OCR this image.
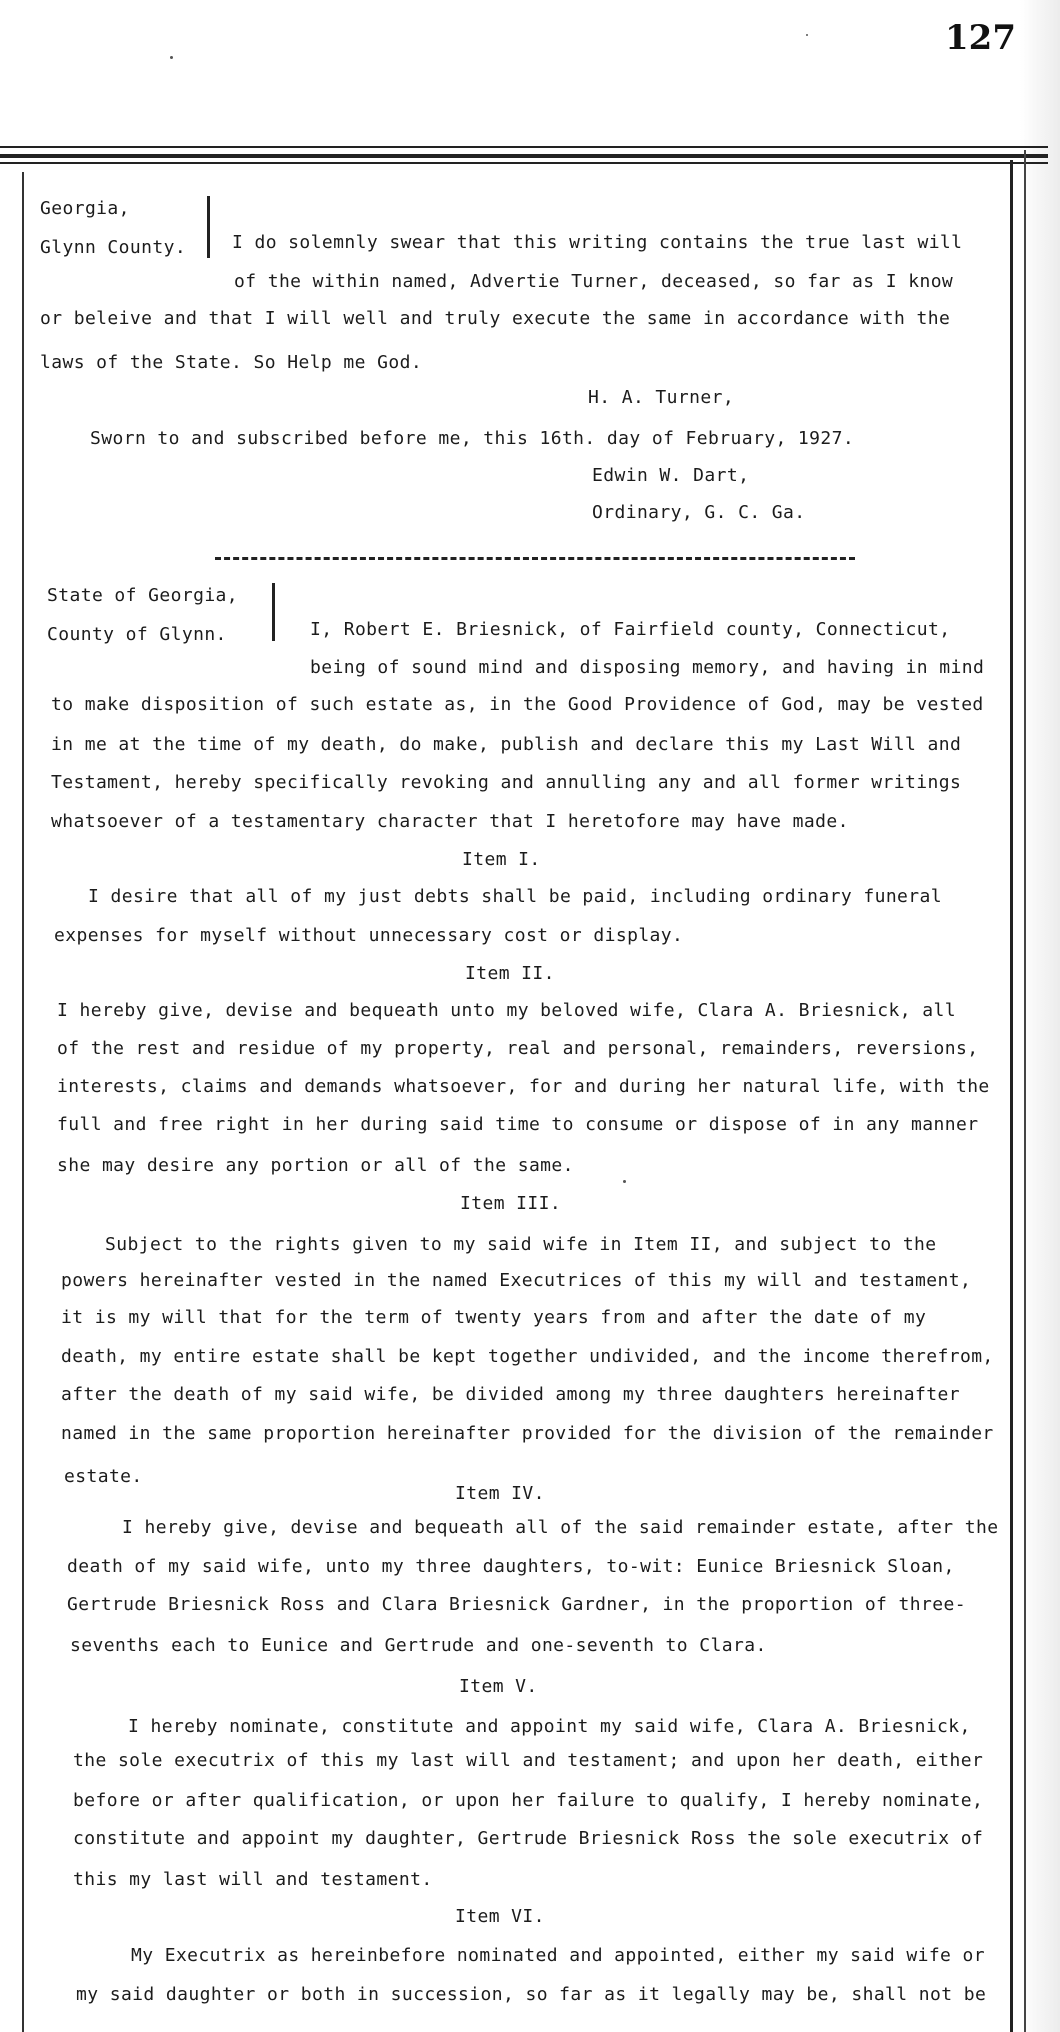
127
Georgia,
Glynn County.	I do solemnly swear that this writing contains the true last will
of the within named, Advertie Turner, deceased, so far as I know
or beleive and that I will well and truly execute the same in accordance with the
laws of the State. So Help me God.
H. A. Turner,
Sworn to and subscribed before me, this 16th. day of February, 1927.
Edwin W. Dart,
Ordinary, G. C. Ga.
State of Georgia,
County of Glynn.	I, Robert E. Briesnick, of Fairfield county, Connecticut,
being of sound mind and disposing memory, and having in mind
to make disposition of such estate as, in the Good Providence of God, may be vested
in me at the time of my death, do make, publish and declare this my Last Will and
Testament, hereby specifically revoking and annulling any and all former writings
whatsoever of a testamentary character that I heretofore may have made.
Item I.
I desire that all of my just debts shall be paid, including ordinary funeral
expenses for myself without unnecessary cost or display.
Item II.
I hereby give, devise and bequeath unto my beloved wife, Clara A. Briesnick, all
of the rest and residue of my property, real and personal, remainders, reversions,
interests, claims and demands whatsoever, for and during her natural life, with the
full and free right in her during said time to consume or dispose of in any manner
she may desire any portion or all of the same.
Item III.
Subject to the rights given to my said wife in Item II, and subject to the
powers hereinafter vested in the named Executrices of this my will and testament,
it is my will that for the term of twenty years from and after the date of my
death, my entire estate shall be kept together undivided, and the income therefrom,
after the death of my said wife, be divided among my three daughters hereinafter
named in the same proportion hereinafter provided for the division of the remainder
estate.
Item IV.
I hereby give, devise and bequeath all of the said remainder estate, after the
death of my said wife, unto my three daughters, to-wit: Eunice Briesnick Sloan,
Gertrude Briesnick Ross and Clara Briesnick Gardner, in the proportion of three-
sevenths each to Eunice and Gertrude and one-seventh to Clara.
Item V.
I hereby nominate, constitute and appoint my said wife, Clara A. Briesnick,
the sole executrix of this my last will and testament; and upon her death, either
before or after qualification, or upon her failure to qualify, I hereby nominate,
constitute and appoint my daughter, Gertrude Briesnick Ross the sole executrix of
this my last will and testament.
Item VI.
My Executrix as hereinbefore nominated and appointed, either my said wife or
my said daughter or both in succession, so far as it legally may be, shall not be
